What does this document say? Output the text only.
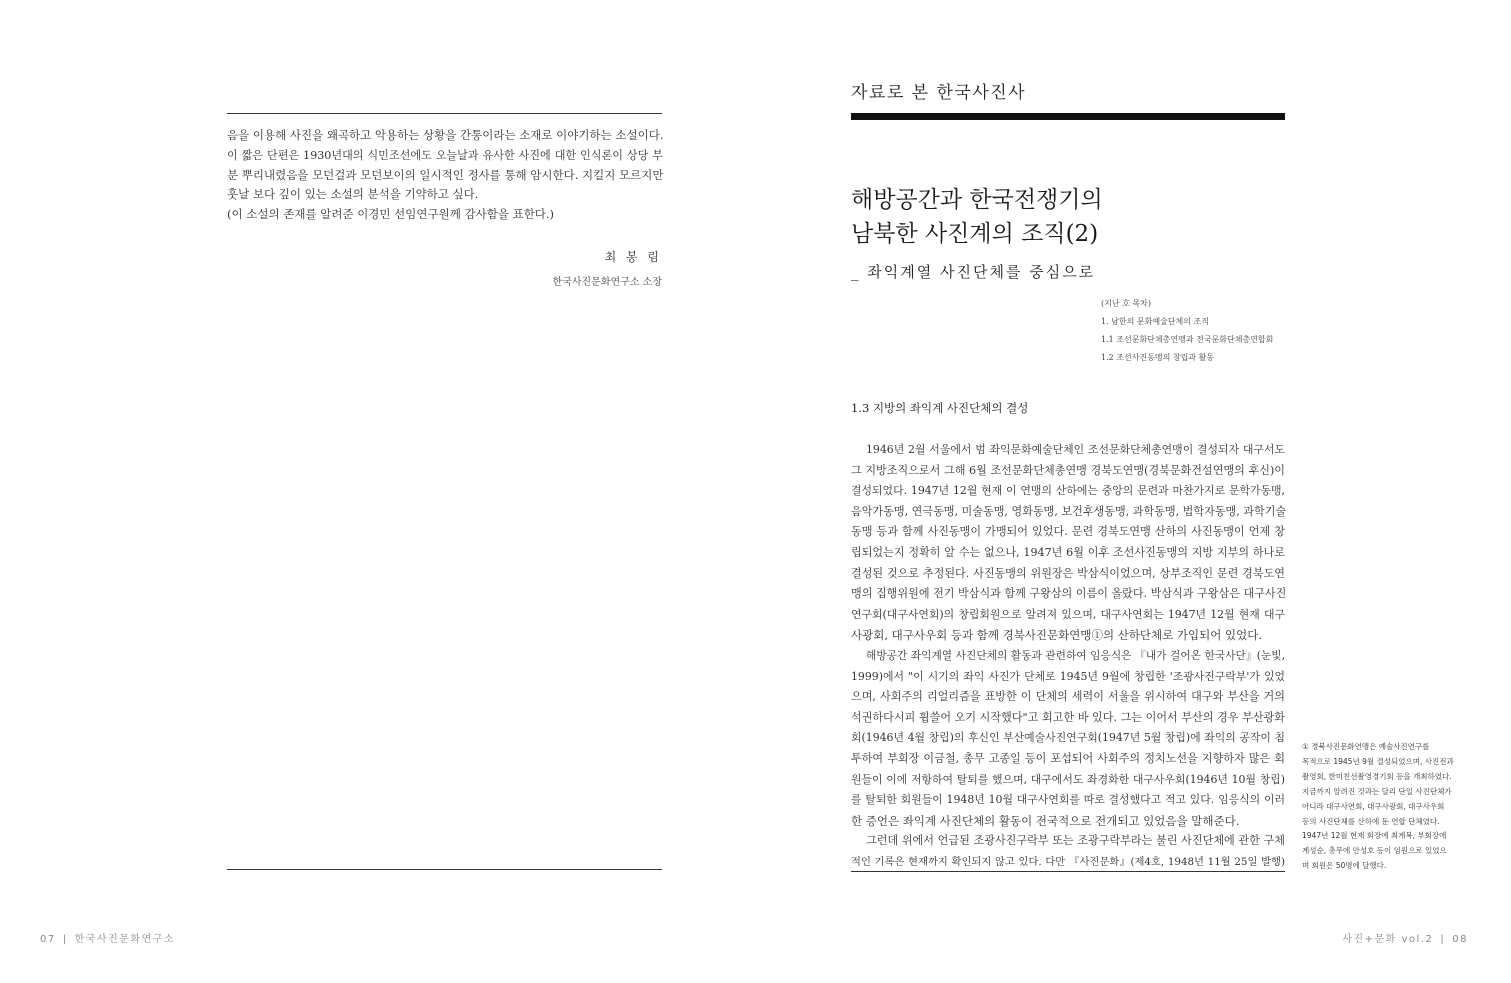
음을 이용해 사진을 왜곡하고 악용하는 상황을 간통이라는 소재로 이야기하는 소설이다.
이 짧은 단편은 1930년대의 식민조선에도 오늘날과 유사한 사진에 대한 인식론이 상당 부
분 뿌리내렸음을 모던걸과 모던보이의 일시적인 정사를 통해 암시한다. 지킬지 모르지만
훗날 보다 깊이 있는 소설의 분석을 기약하고 싶다.
(이 소설의 존재를 알려준 이경민 선임연구원께 감사함을 표한다.)
최 봉 림
한국사진문화연구소 소장
자료로 본 한국사진사
해방공간과 한국전쟁기의
남북한 사진계의 조직(2)
_ 좌익계열 사진단체를 중심으로
(지난 호 목차)
1. 남한의 문화예술단체의 조직
1.1 조선문화단체총연맹과 전국문화단체총연합회
1.2 조선사진동맹의 창립과 활동
1.3 지방의 좌익계 사진단체의 결성
1946년 2월 서울에서 범 좌익문화예술단체인 조선문화단체총연맹이 결성되자 대구서도
그 지방조직으로서 그해 6월 조선문화단체총연맹 경북도연맹(경북문화건설연맹의 후신)이
결성되었다. 1947년 12월 현재 이 연맹의 산하에는 중앙의 문련과 마찬가지로 문학가동맹,
음악가동맹, 연극동맹, 미술동맹, 영화동맹, 보건후생동맹, 과학동맹, 법학자동맹, 과학기술
동맹 등과 함께 사진동맹이 가맹되어 있었다. 문련 경북도연맹 산하의 사진동맹이 언제 창
립되었는지 정확히 알 수는 없으나, 1947년 6월 이후 조선사진동맹의 지방 지부의 하나로
결성된 것으로 추정된다. 사진동맹의 위원장은 박삼식이었으며, 상부조직인 문련 경북도연
맹의 집행위원에 전기 박삼식과 함께 구왕삼의 이름이 올랐다. 박삼식과 구왕삼은 대구사진
연구회(대구사연회)의 창립회원으로 알려져 있으며, 대구사연회는 1947년 12월 현재 대구
사광회, 대구사우회 등과 함께 경북사진문화연맹①의 산하단체로 가입되어 있었다.
해방공간 좌익계열 사진단체의 활동과 관련하여 임응식은 『내가 걸어온 한국사단』(눈빛,
1999)에서 "이 시기의 좌익 사진가 단체로 1945년 9월에 창립한 '조광사진구락부'가 있었
으며, 사회주의 리얼리즘을 표방한 이 단체의 세력이 서울을 위시하여 대구와 부산을 거의
석권하다시피 휩쓸어 오기 시작했다"고 회고한 바 있다. 그는 이어서 부산의 경우 부산광화
회(1946년 4월 창립)의 후신인 부산예술사진연구회(1947년 5월 창립)에 좌익의 공작이 침
투하여 부회장 이금철, 총무 고종일 등이 포섭되어 사회주의 정치노선을 지향하자 많은 회
원들이 이에 저항하여 탈퇴를 했으며, 대구에서도 좌경화한 대구사우회(1946년 10월 창립)
를 탈퇴한 회원들이 1948년 10월 대구사연회를 따로 결성했다고 적고 있다. 임응식의 이러
한 증언은 좌익계 사진단체의 활동이 전국적으로 전개되고 있었음을 말해준다.
그런데 위에서 언급된 조광사진구락부 또는 조광구락부라는 불린 사진단체에 관한 구체
적인 기록은 현재까지 확인되지 않고 있다. 다만 『사진문화』(제4호, 1948년 11월 25일 발행)
① 경북사진문화연맹은 예술사진연구를
목적으로 1945년 9월 결성되었으며, 사진전과
촬영회, 한미친선촬영경기회 등을 개최하였다.
지금까지 알려진 것과는 달리 단일 사진단체가
아니라 대구사연회, 대구사광회, 대구사우회
등의 사진단체를 산하에 둔 연합 단체였다.
1947년 12월 현재 회장에 최계복, 부회장에
계성순, 총무에 안성호 등이 임원으로 있었으
며 회원은 50명에 달했다.
07 | 한국사진문화연구소	사진+문화 vol.2 | 08
